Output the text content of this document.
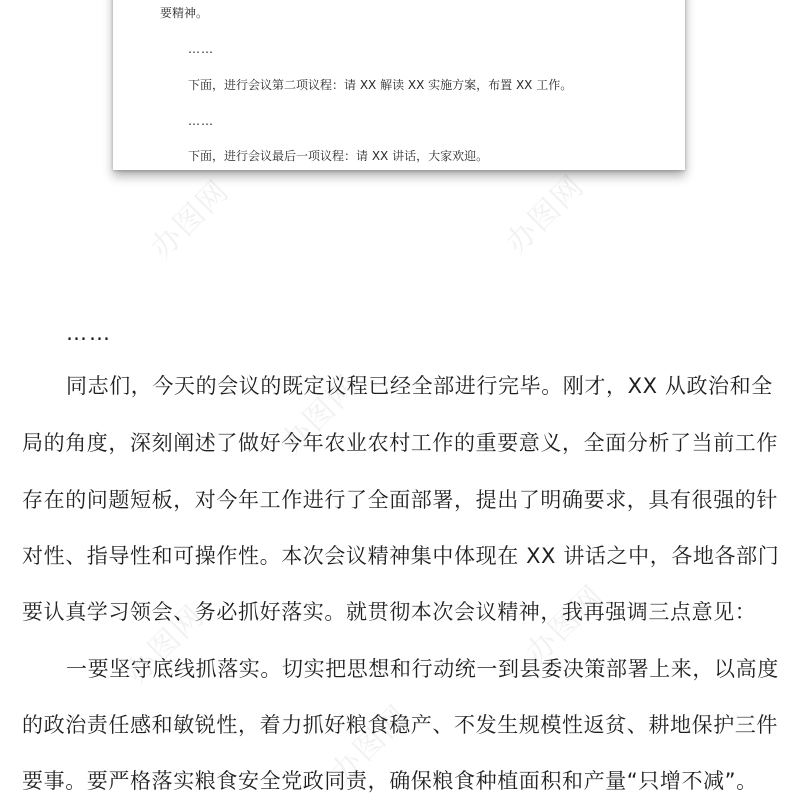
办图网	办图网
办图网
办图网	办图网
办图网
要精神。
……
下面，进行会议第二项议程：请 XX 解读 XX 实施方案，布置 XX 工作。
……
下面，进行会议最后一项议程：请 XX 讲话，大家欢迎。
……
同志们，今天的会议的既定议程已经全部进行完毕。刚才，XX 从政治和全
局的角度，深刻阐述了做好今年农业农村工作的重要意义，全面分析了当前工作
存在的问题短板，对今年工作进行了全面部署，提出了明确要求，具有很强的针
对性、指导性和可操作性。本次会议精神集中体现在 XX 讲话之中，各地各部门
要认真学习领会、务必抓好落实。就贯彻本次会议精神，我再强调三点意见：
一要坚守底线抓落实。切实把思想和行动统一到县委决策部署上来，以高度
的政治责任感和敏锐性，着力抓好粮食稳产、不发生规模性返贫、耕地保护三件
要事。要严格落实粮食安全党政同责，确保粮食种植面积和产量“只增不减”。
